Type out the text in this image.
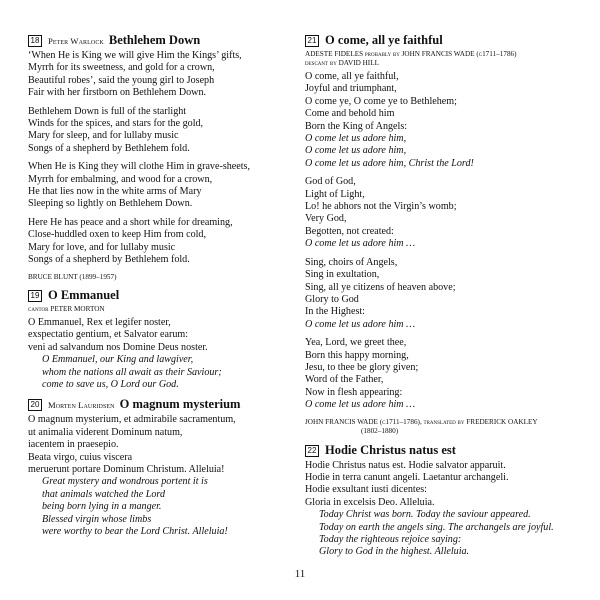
18 Peter Warlock Bethlehem Down
‘When He is King we will give Him the Kings’ gifts,
Myrrh for its sweetness, and gold for a crown,
Beautiful robes’, said the young girl to Joseph
Fair with her firstborn on Bethlehem Down.
Bethlehem Down is full of the starlight
Winds for the spices, and stars for the gold,
Mary for sleep, and for lullaby music
Songs of a shepherd by Bethlehem fold.
When He is King they will clothe Him in grave-sheets,
Myrrh for embalming, and wood for a crown,
He that lies now in the white arms of Mary
Sleeping so lightly on Bethlehem Down.
Here He has peace and a short while for dreaming,
Close-huddled oxen to keep Him from cold,
Mary for love, and for lullaby music
Songs of a shepherd by Bethlehem fold.
BRUCE BLUNT (1899–1957)
19 O Emmanuel
cantor PETER MORTON
O Emmanuel, Rex et legifer noster,
exspectatio gentium, et Salvator earum:
veni ad salvandum nos Domine Deus noster.
O Emmanuel, our King and lawgiver,
whom the nations all await as their Saviour;
come to save us, O Lord our God.
20 Morten Lauridsen O magnum mysterium
O magnum mysterium, et admirabile sacramentum,
ut animalia viderent Dominum natum,
iacentem in praesepio.
Beata virgo, cuius viscera
meruerunt portare Dominum Christum. Alleluia!
Great mystery and wondrous portent it is
that animals watched the Lord
being born lying in a manger.
Blessed virgin whose limbs
were worthy to bear the Lord Christ. Alleluia!
21 O come, all ye faithful
ADESTE FIDELES probably by JOHN FRANCIS WADE (c1711–1786)
descant by DAVID HILL
O come, all ye faithful,
Joyful and triumphant,
O come ye, O come ye to Bethlehem;
Come and behold him
Born the King of Angels:
O come let us adore him,
O come let us adore him,
O come let us adore him, Christ the Lord!
God of God,
Light of Light,
Lo! he abhors not the Virgin’s womb;
Very God,
Begotten, not created:
O come let us adore him …
Sing, choirs of Angels,
Sing in exultation,
Sing, all ye citizens of heaven above;
Glory to God
In the Highest:
O come let us adore him …
Yea, Lord, we greet thee,
Born this happy morning,
Jesu, to thee be glory given;
Word of the Father,
Now in flesh appearing:
O come let us adore him …
JOHN FRANCIS WADE (c1711–1786), translated by FREDERICK OAKLEY
(1802–1880)
22 Hodie Christus natus est
Hodie Christus natus est. Hodie salvator apparuit.
Hodie in terra canunt angeli. Laetantur archangeli.
Hodie exsultant iusti dicentes:
Gloria in excelsis Deo. Alleluia.
Today Christ was born. Today the saviour appeared.
Today on earth the angels sing. The archangels are joyful.
Today the righteous rejoice saying:
Glory to God in the highest. Alleluia.
11
